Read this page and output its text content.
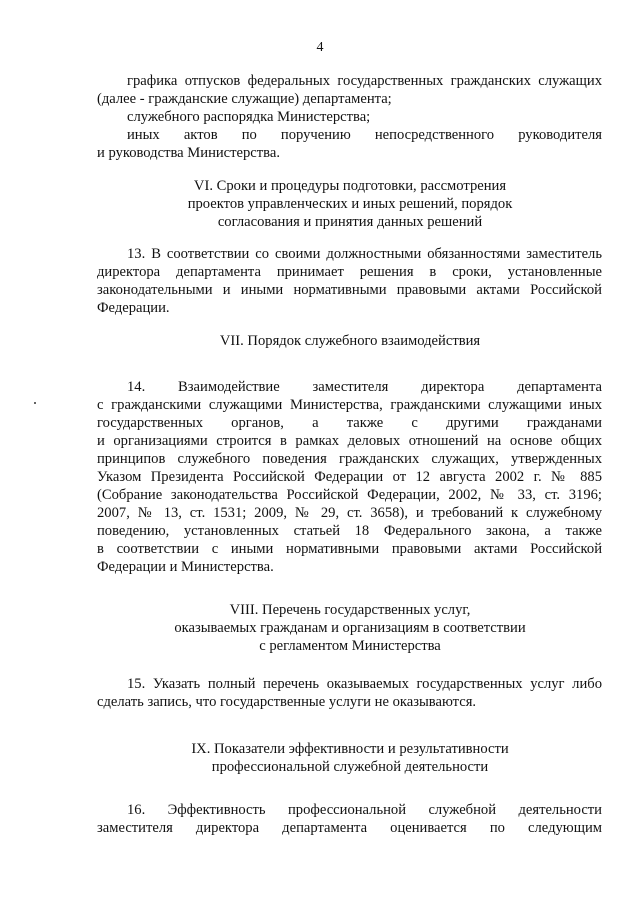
4
графика отпусков федеральных государственных гражданских служащих
(далее - гражданские служащие) департамента;
служебного распорядка Министерства;
иных актов по поручению непосредственного руководителя
и руководства Министерства.
VI. Сроки и процедуры подготовки, рассмотрения
проектов управленческих и иных решений, порядок
согласования и принятия данных решений
13. В соответствии со своими должностными обязанностями заместитель
директора департамента принимает решения в сроки, установленные
законодательными и иными нормативными правовыми актами Российской
Федерации.
VII. Порядок служебного взаимодействия
14. Взаимодействие заместителя директора департамента
с гражданскими служащими Министерства, гражданскими служащими иных
государственных органов, а также с другими гражданами
и организациями строится в рамках деловых отношений на основе общих
принципов служебного поведения гражданских служащих, утвержденных
Указом Президента Российской Федерации от 12 августа 2002 г. № 885
(Собрание законодательства Российской Федерации, 2002, № 33, ст. 3196;
2007, № 13, ст. 1531; 2009, № 29, ст. 3658), и требований к служебному
поведению, установленных статьей 18 Федерального закона, а также
в соответствии с иными нормативными правовыми актами Российской
Федерации и Министерства.
VIII. Перечень государственных услуг,
оказываемых гражданам и организациям в соответствии
с регламентом Министерства
15. Указать полный перечень оказываемых государственных услуг либо
сделать запись, что государственные услуги не оказываются.
IX. Показатели эффективности и результативности
профессиональной служебной деятельности
16. Эффективность профессиональной служебной деятельности
заместителя директора департамента оценивается по следующим
